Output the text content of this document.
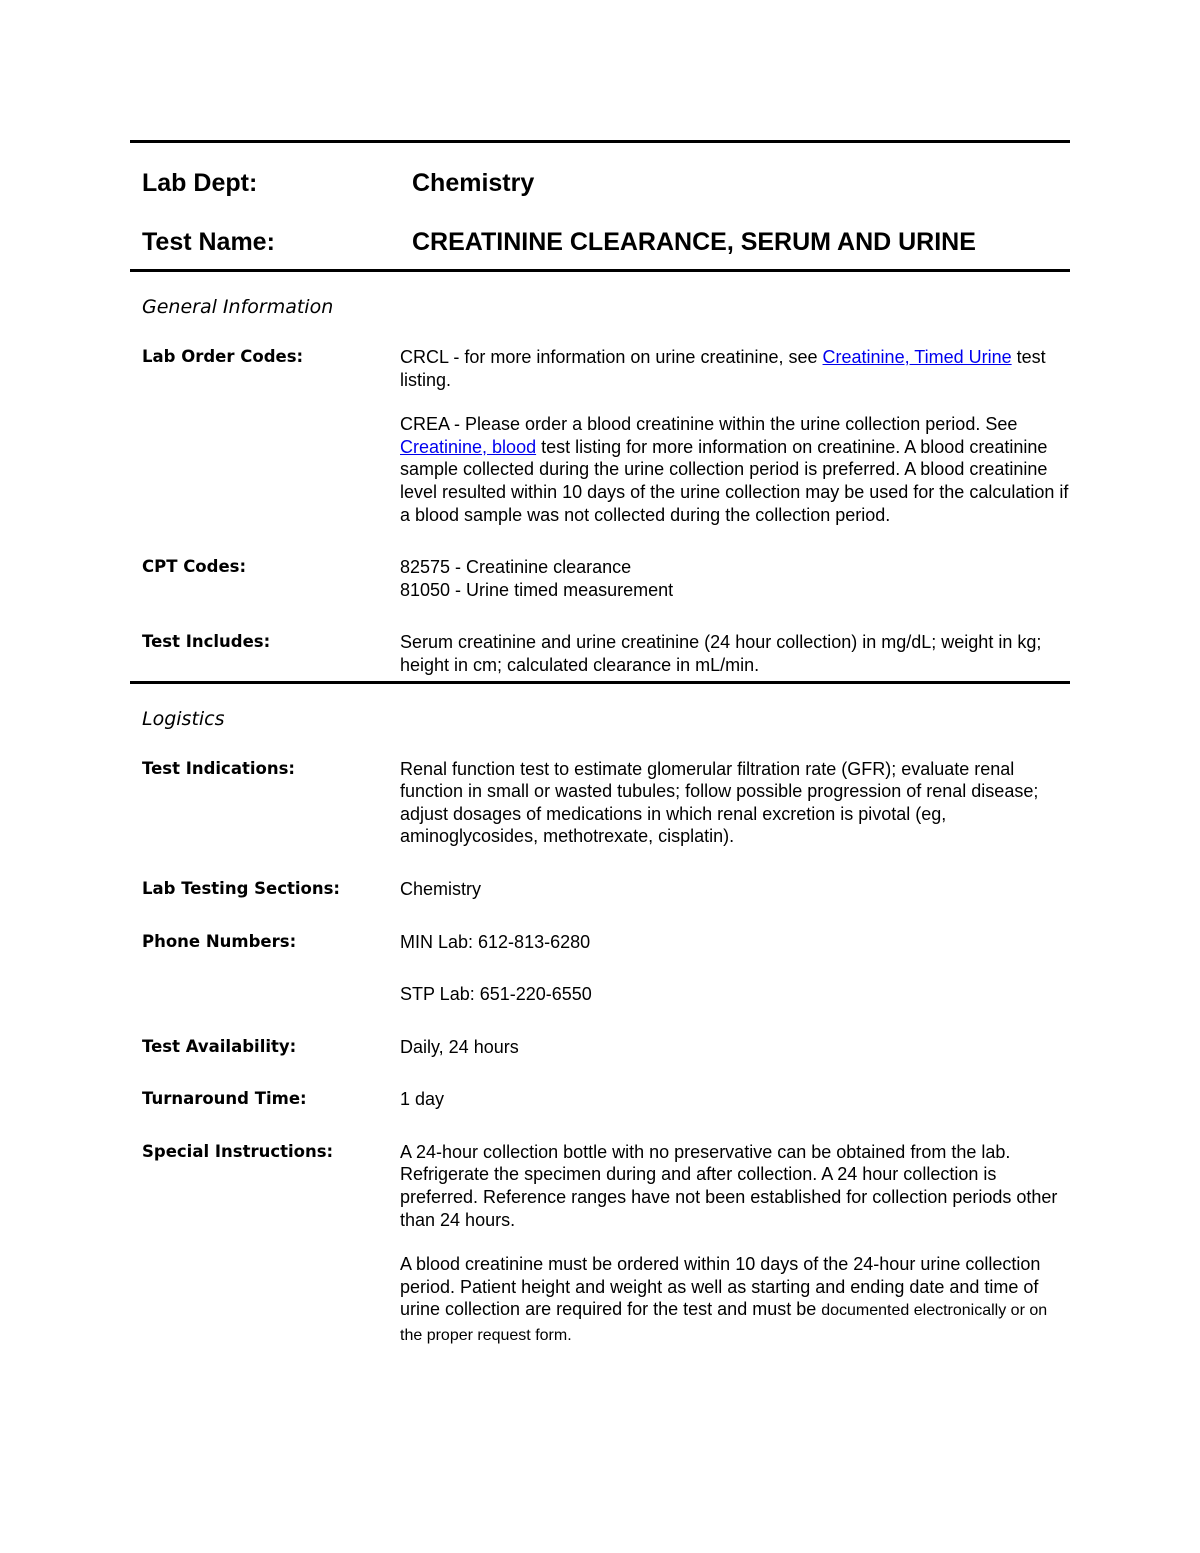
Lab Dept:	Chemistry
Test Name:	CREATININE CLEARANCE, SERUM AND URINE
General Information
Lab Order Codes:	CRCL - for more information on urine creatinine, see Creatinine, Timed Urine test listing.

CREA - Please order a blood creatinine within the urine collection period. See Creatinine, blood test listing for more information on creatinine. A blood creatinine sample collected during the urine collection period is preferred. A blood creatinine level resulted within 10 days of the urine collection may be used for the calculation if a blood sample was not collected during the collection period.

CPT Codes:	82575 - Creatinine clearance
81050 - Urine timed measurement
Test Includes:	Serum creatinine and urine creatinine (24 hour collection) in mg/dL; weight in kg; height in cm; calculated clearance in mL/min.
Logistics
Test Indications:	Renal function test to estimate glomerular filtration rate (GFR); evaluate renal function in small or wasted tubules; follow possible progression of renal disease; adjust dosages of medications in which renal excretion is pivotal (eg, aminoglycosides, methotrexate, cisplatin).
Lab Testing Sections:	Chemistry
Phone Numbers:	MIN Lab: 612-813-6280

STP Lab: 651-220-6550

Test Availability:	Daily, 24 hours
Turnaround Time:	1 day
Special Instructions:	A 24-hour collection bottle with no preservative can be obtained from the lab. Refrigerate the specimen during and after collection. A 24 hour collection is preferred. Reference ranges have not been established for collection periods other than 24 hours.

A blood creatinine must be ordered within 10 days of the 24-hour urine collection period. Patient height and weight as well as starting and ending date and time of urine collection are required for the test and must be documented electronically or on the proper request form.
